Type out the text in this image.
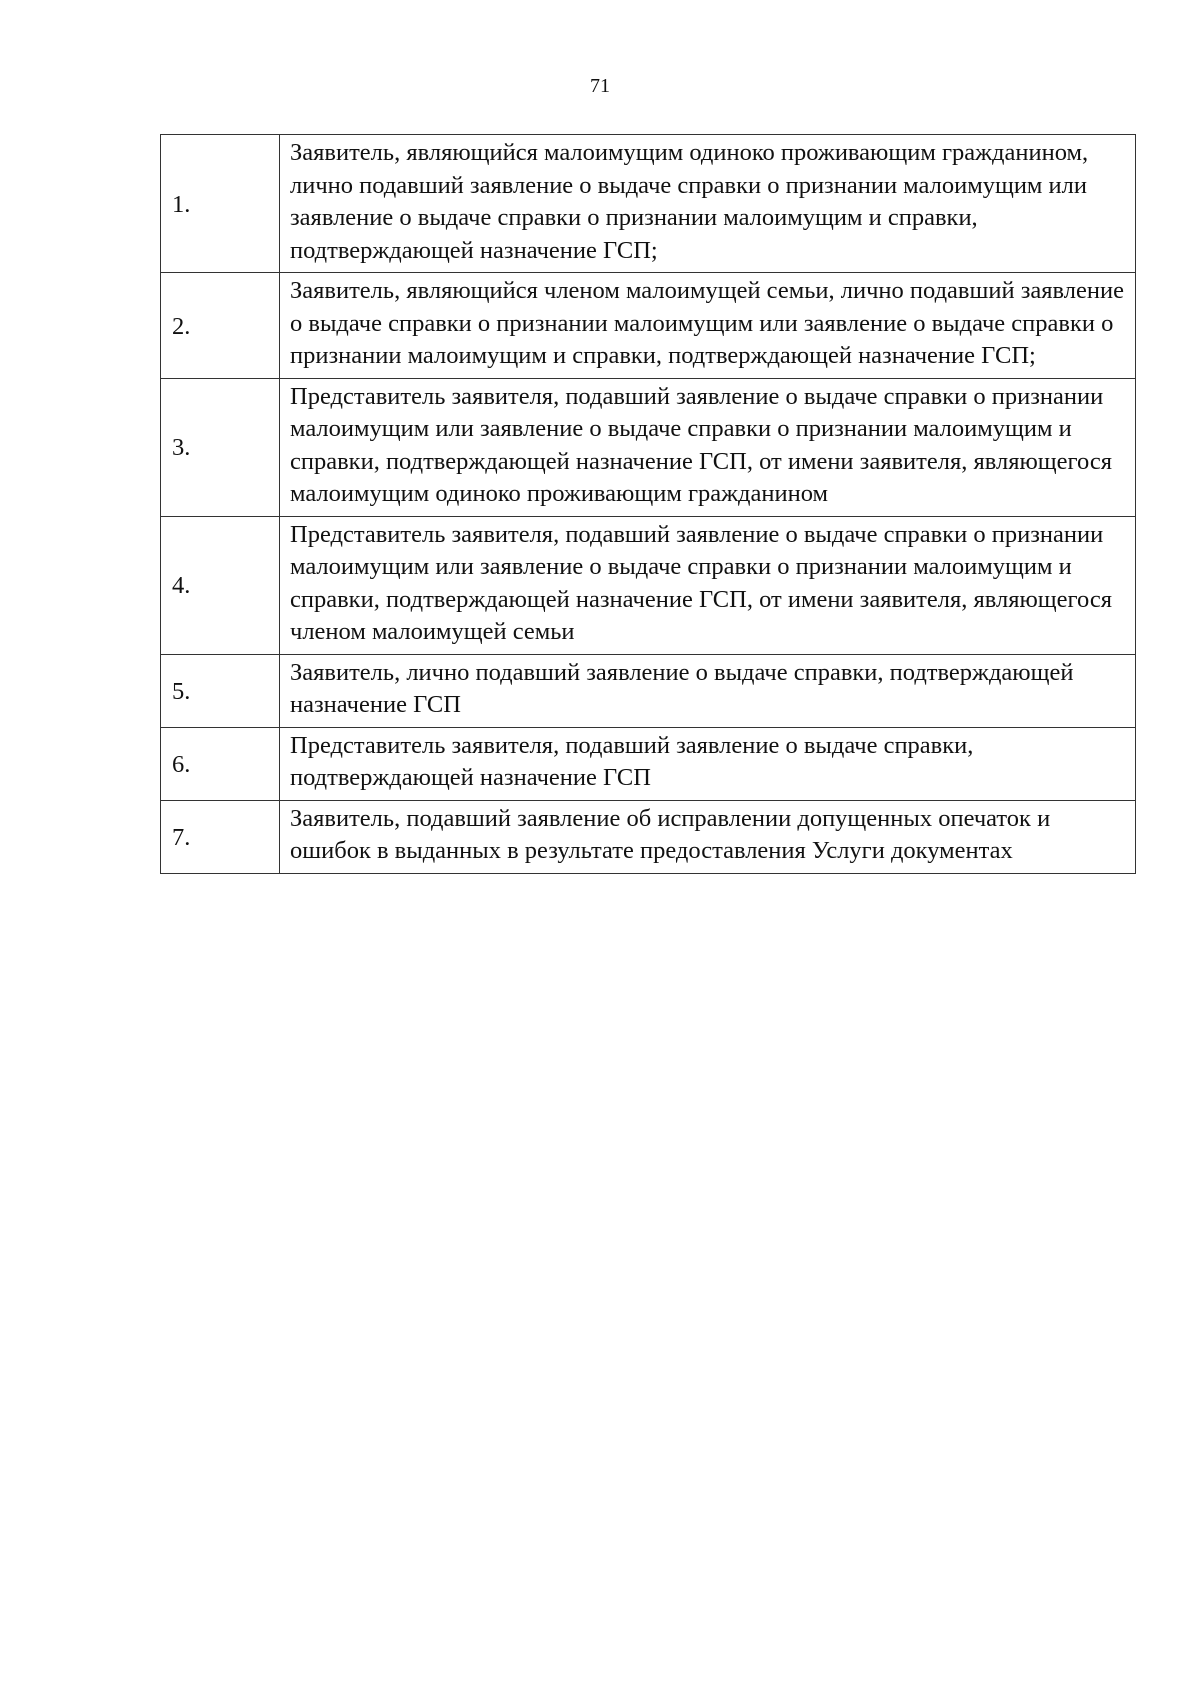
71
1.	Заявитель, являющийся малоимущим одиноко проживающим гражданином, лично подавший заявление о выдаче справки о признании малоимущим или заявление о выдаче справки о признании малоимущим и справки, подтверждающей назначение ГСП;
2.	Заявитель, являющийся членом малоимущей семьи, лично подавший заявление о выдаче справки о признании малоимущим или заявление о выдаче справки о признании малоимущим и справки, подтверждающей назначение ГСП;
3.	Представитель заявителя, подавший заявление о выдаче справки о признании малоимущим или заявление о выдаче справки о признании малоимущим и справки, подтверждающей назначение ГСП, от имени заявителя, являющегося малоимущим одиноко проживающим гражданином
4.	Представитель заявителя, подавший заявление о выдаче справки о признании малоимущим или заявление о выдаче справки о признании малоимущим и справки, подтверждающей назначение ГСП, от имени заявителя, являющегося членом малоимущей семьи
5.	Заявитель, лично подавший заявление о выдаче справки, подтверждающей назначение ГСП
6.	Представитель заявителя, подавший заявление о выдаче справки, подтверждающей назначение ГСП
7.	Заявитель, подавший заявление об исправлении допущенных опечаток и ошибок в выданных в результате предоставления Услуги документах
